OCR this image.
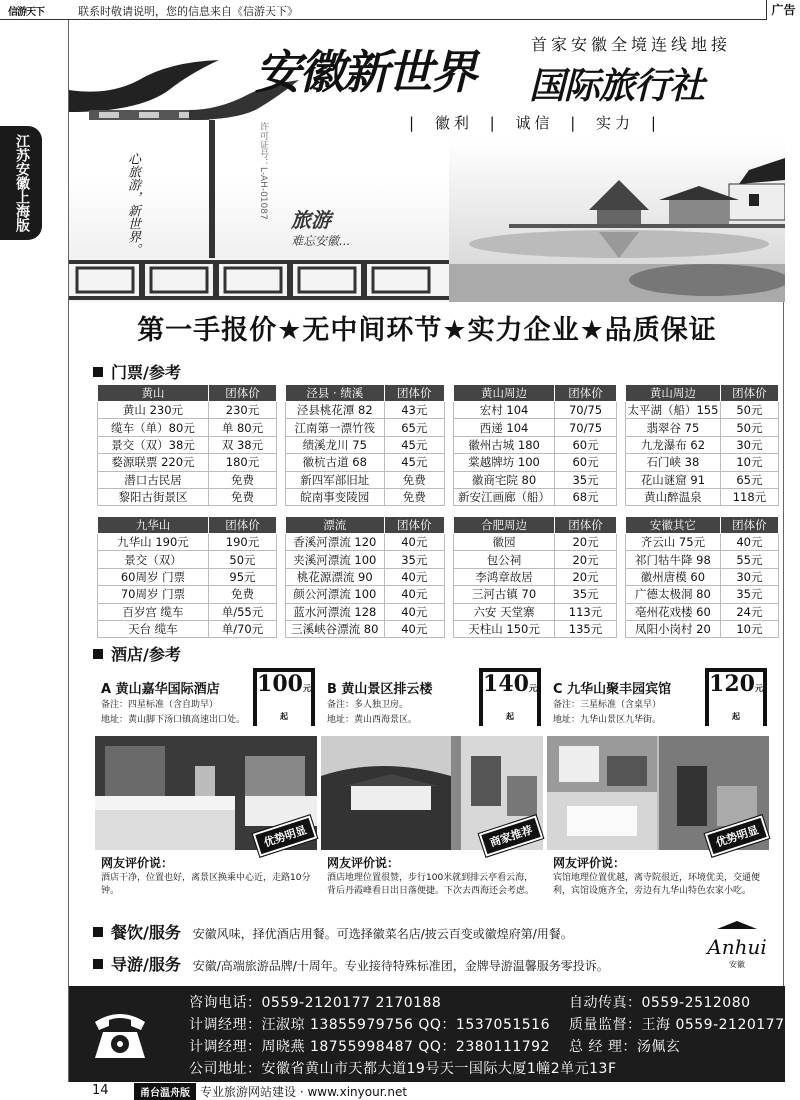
信游天下	联系时敬请说明，您的信息来自《信游天下》	广告
江苏安徽上海版
首家安徽全境连线地接
安徽新世界 国际旅行社
| 徽利 | 诚信 | 实力 |
许可证号：L-AH-01087
心旅游，新世界。	旅游
难忘安徽...
第一手报价★无中间环节★实力企业★品质保证
门票/参考
黄山	团体价
黄山 230元	230元
缆车（单）80元	单 80元
景交（双）38元	双 38元
婺源联票 220元	180元
潜口古民居	免费
黎阳古街景区	免费
泾县 · 绩溪	团体价
泾县桃花潭 82	43元
江南第一漂竹筏	65元
绩溪龙川 75	45元
徽杭古道 68	45元
新四军部旧址	免费
皖南事变陵园	免费
黄山周边	团体价
宏村 104	70/75
西递 104	70/75
徽州古城 180	60元
棠越牌坊 100	60元
徽商宅院 80	35元
新安江画廊（船）	68元
黄山周边	团体价
太平湖（船）155	50元
翡翠谷 75	50元
九龙瀑布 62	30元
石门峡 38	10元
花山谜窟 91	65元
黄山醉温泉	118元
九华山	团体价
九华山 190元	190元
景交（双）	50元
60周岁 门票	95元
70周岁 门票	免费
百岁宫 缆车	单/55元
天台 缆车	单/70元
漂流	团体价
香溪河漂流 120	40元
夹溪河漂流 100	35元
桃花源漂流 90	40元
颜公河漂流 100	40元
蓝水河漂流 128	40元
三溪峡谷漂流 80	40元
合肥周边	团体价
徽园	20元
包公祠	20元
李鸿章故居	20元
三河古镇 70	35元
六安 天堂寨	113元
天柱山 150元	135元
安徽其它	团体价
齐云山 75元	40元
祁门牯牛降 98	55元
徽州唐模 60	30元
广德太极洞 80	35元
亳州花戏楼 60	24元
凤阳小岗村 20	10元
酒店/参考
A 黄山嘉华国际酒店
备注：四星标准（含自助早）
地址：黄山脚下汤口镇高速出口处。
100元起
优势明显
网友评价说：
酒店干净，位置也好，离景区换乘中心近，走路10分钟。
B 黄山景区排云楼
备注：多人独卫房。
地址：黄山西海景区。
140元起
商家推荐
网友评价说：
酒店地理位置很赞，步行100米就到排云亭看云海，背后丹霞峰看日出日落便捷。下次去西海还会考虑。
C 九华山聚丰园宾馆
备注：三星标准（含桌早）
地址：九华山景区九华街。
120元起
优势明显
网友评价说：
宾馆地理位置优越，离寺院很近，环境优美，交通便利，宾馆设施齐全，旁边有九华山特色农家小吃。
餐饮/服务 安徽风味，择优酒店用餐。可选择徽菜名店/披云百变或徽煌府第/用餐。
导游/服务 安徽/高端旅游品牌/十周年。专业接待特殊标准团，金牌导游温馨服务零投诉。
Anhui
安徽
咨询电话：0559-2120177 2170188	自动传真：0559-2512080
计调经理：汪淑琼 13855979756 QQ：1537051516 质量监督：王海 0559-2120177
计调经理：周晓燕 18755998487 QQ：2380111792 总 经 理：汤佩玄
公司地址：安徽省黄山市天都大道19号天一国际大厦1幢2单元13F
14	甬台温舟版 专业旅游网站建设 · www.xinyour.net
